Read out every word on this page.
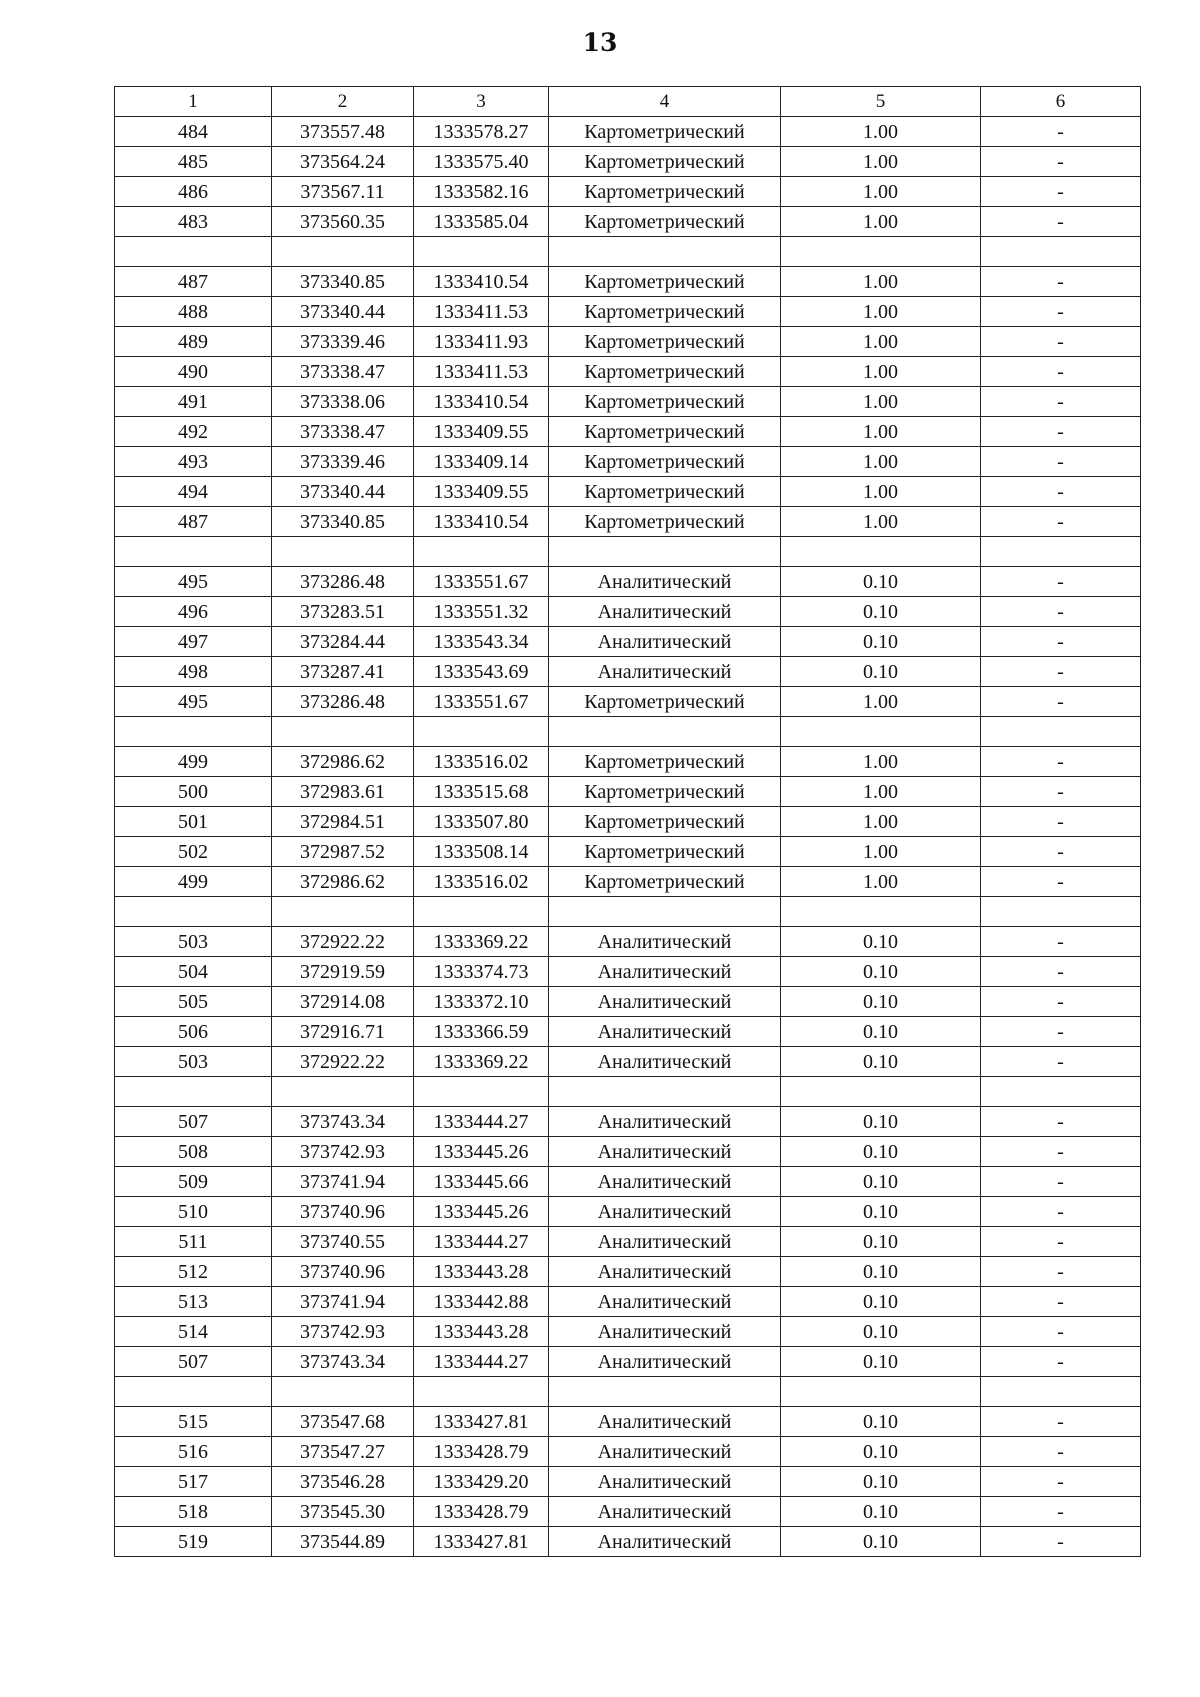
13
1	2	3	4	5	6
484	373557.48	1333578.27	Картометрический	1.00	-
485	373564.24	1333575.40	Картометрический	1.00	-
486	373567.11	1333582.16	Картометрический	1.00	-
483	373560.35	1333585.04	Картометрический	1.00	-

487	373340.85	1333410.54	Картометрический	1.00	-
488	373340.44	1333411.53	Картометрический	1.00	-
489	373339.46	1333411.93	Картометрический	1.00	-
490	373338.47	1333411.53	Картометрический	1.00	-
491	373338.06	1333410.54	Картометрический	1.00	-
492	373338.47	1333409.55	Картометрический	1.00	-
493	373339.46	1333409.14	Картометрический	1.00	-
494	373340.44	1333409.55	Картометрический	1.00	-
487	373340.85	1333410.54	Картометрический	1.00	-

495	373286.48	1333551.67	Аналитический	0.10	-
496	373283.51	1333551.32	Аналитический	0.10	-
497	373284.44	1333543.34	Аналитический	0.10	-
498	373287.41	1333543.69	Аналитический	0.10	-
495	373286.48	1333551.67	Картометрический	1.00	-

499	372986.62	1333516.02	Картометрический	1.00	-
500	372983.61	1333515.68	Картометрический	1.00	-
501	372984.51	1333507.80	Картометрический	1.00	-
502	372987.52	1333508.14	Картометрический	1.00	-
499	372986.62	1333516.02	Картометрический	1.00	-

503	372922.22	1333369.22	Аналитический	0.10	-
504	372919.59	1333374.73	Аналитический	0.10	-
505	372914.08	1333372.10	Аналитический	0.10	-
506	372916.71	1333366.59	Аналитический	0.10	-
503	372922.22	1333369.22	Аналитический	0.10	-

507	373743.34	1333444.27	Аналитический	0.10	-
508	373742.93	1333445.26	Аналитический	0.10	-
509	373741.94	1333445.66	Аналитический	0.10	-
510	373740.96	1333445.26	Аналитический	0.10	-
511	373740.55	1333444.27	Аналитический	0.10	-
512	373740.96	1333443.28	Аналитический	0.10	-
513	373741.94	1333442.88	Аналитический	0.10	-
514	373742.93	1333443.28	Аналитический	0.10	-
507	373743.34	1333444.27	Аналитический	0.10	-

515	373547.68	1333427.81	Аналитический	0.10	-
516	373547.27	1333428.79	Аналитический	0.10	-
517	373546.28	1333429.20	Аналитический	0.10	-
518	373545.30	1333428.79	Аналитический	0.10	-
519	373544.89	1333427.81	Аналитический	0.10	-
